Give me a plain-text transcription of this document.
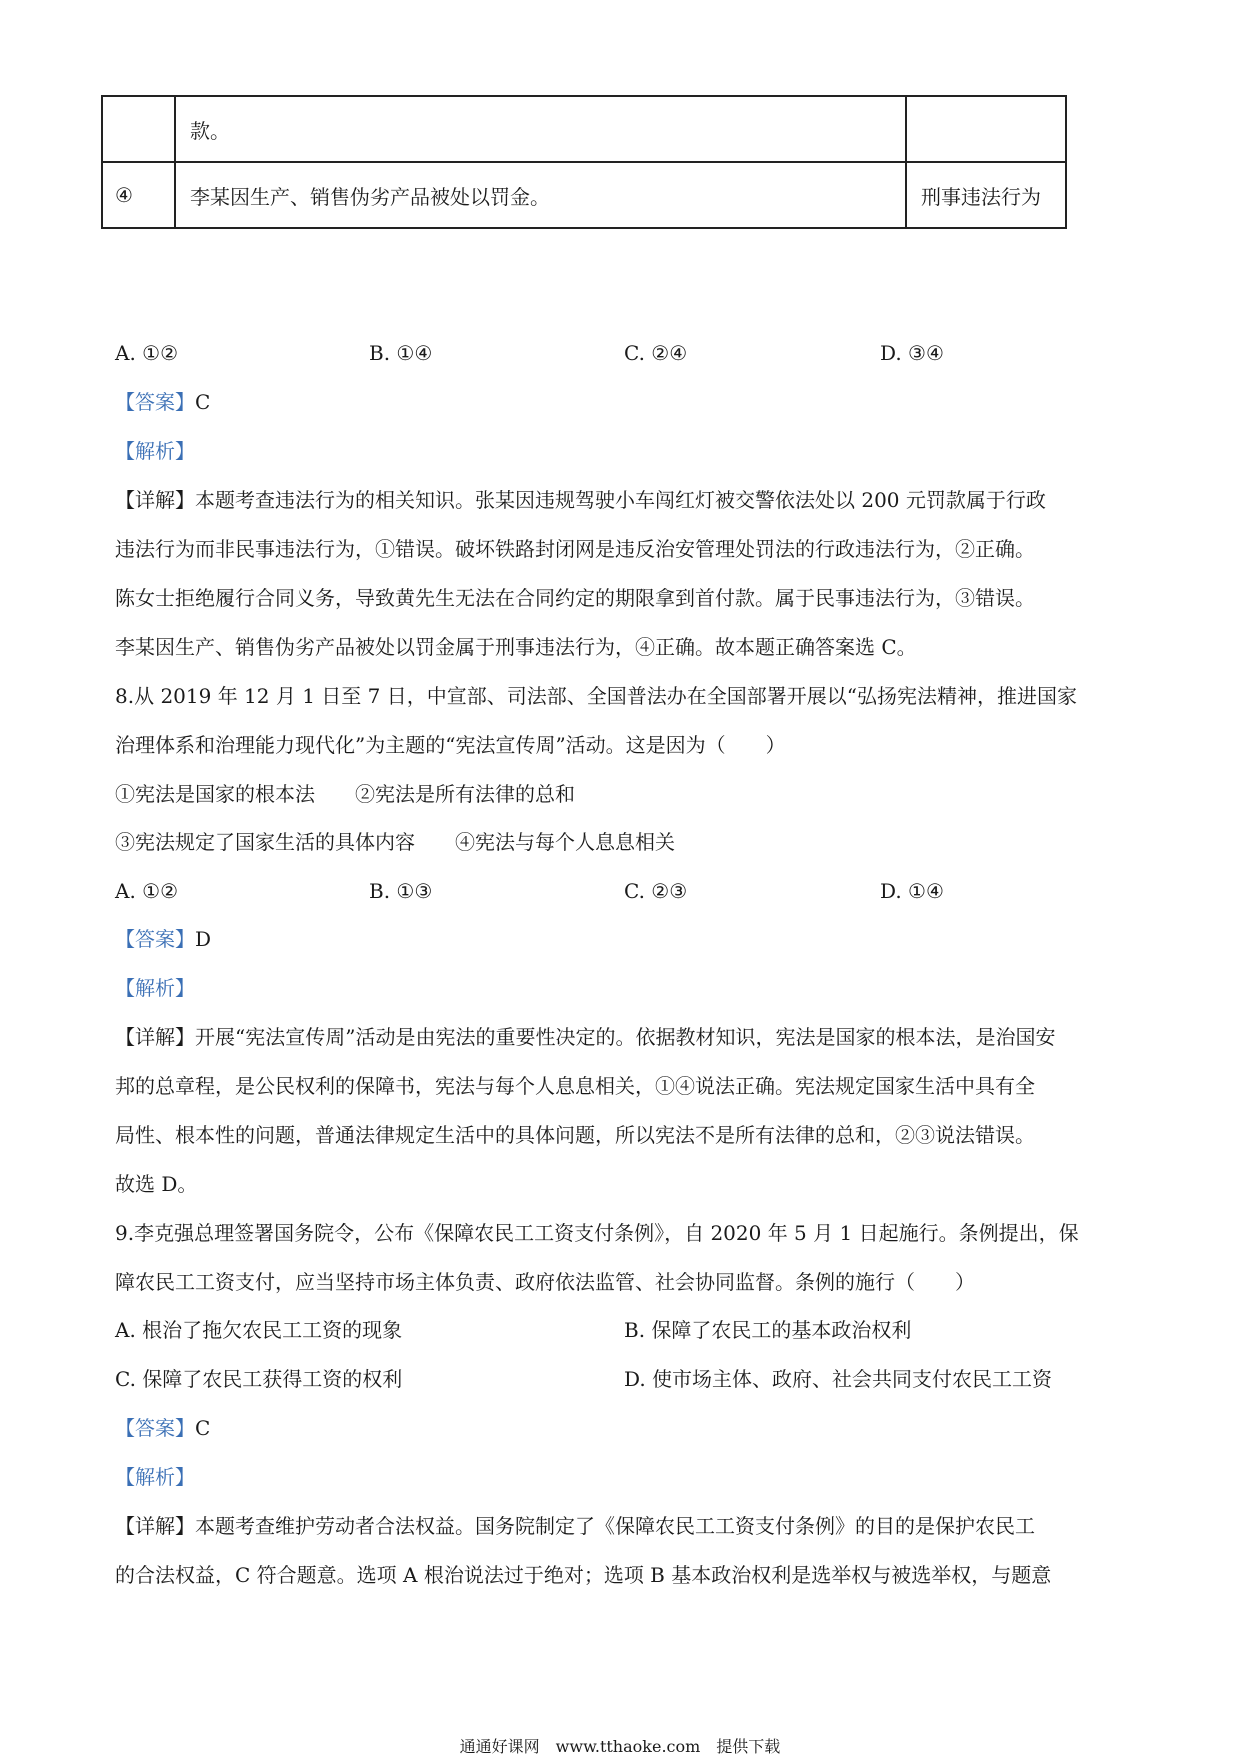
	款。	
④	李某因生产、销售伪劣产品被处以罚金。	刑事违法行为
A. ①②	B. ①④	C. ②④	D. ③④
【答案】C
【解析】
【详解】本题考查违法行为的相关知识。张某因违规驾驶小车闯红灯被交警依法处以 200 元罚款属于行政
违法行为而非民事违法行为，①错误。破坏铁路封闭网是违反治安管理处罚法的行政违法行为，②正确。
陈女士拒绝履行合同义务，导致黄先生无法在合同约定的期限拿到首付款。属于民事违法行为，③错误。
李某因生产、销售伪劣产品被处以罚金属于刑事违法行为，④正确。故本题正确答案选 C。
8.从 2019 年 12 月 1 日至 7 日，中宣部、司法部、全国普法办在全国部署开展以“弘扬宪法精神，推进国家
治理体系和治理能力现代化”为主题的“宪法宣传周”活动。这是因为（　　）
①宪法是国家的根本法　　②宪法是所有法律的总和
③宪法规定了国家生活的具体内容　　④宪法与每个人息息相关
A. ①②	B. ①③	C. ②③	D. ①④
【答案】D
【解析】
【详解】开展“宪法宣传周”活动是由宪法的重要性决定的。依据教材知识，宪法是国家的根本法，是治国安
邦的总章程，是公民权利的保障书，宪法与每个人息息相关，①④说法正确。宪法规定国家生活中具有全
局性、根本性的问题，普通法律规定生活中的具体问题，所以宪法不是所有法律的总和，②③说法错误。
故选 D。
9.李克强总理签署国务院令，公布《保障农民工工资支付条例》，自 2020 年 5 月 1 日起施行。条例提出，保
障农民工工资支付，应当坚持市场主体负责、政府依法监管、社会协同监督。条例的施行（　　）
A. 根治了拖欠农民工工资的现象	B. 保障了农民工的基本政治权利
C. 保障了农民工获得工资的权利	D. 使市场主体、政府、社会共同支付农民工工资
【答案】C
【解析】
【详解】本题考查维护劳动者合法权益。国务院制定了《保障农民工工资支付条例》的目的是保护农民工
的合法权益，C 符合题意。选项 A 根治说法过于绝对；选项 B 基本政治权利是选举权与被选举权，与题意
通通好课网　www.tthaoke.com　提供下载
